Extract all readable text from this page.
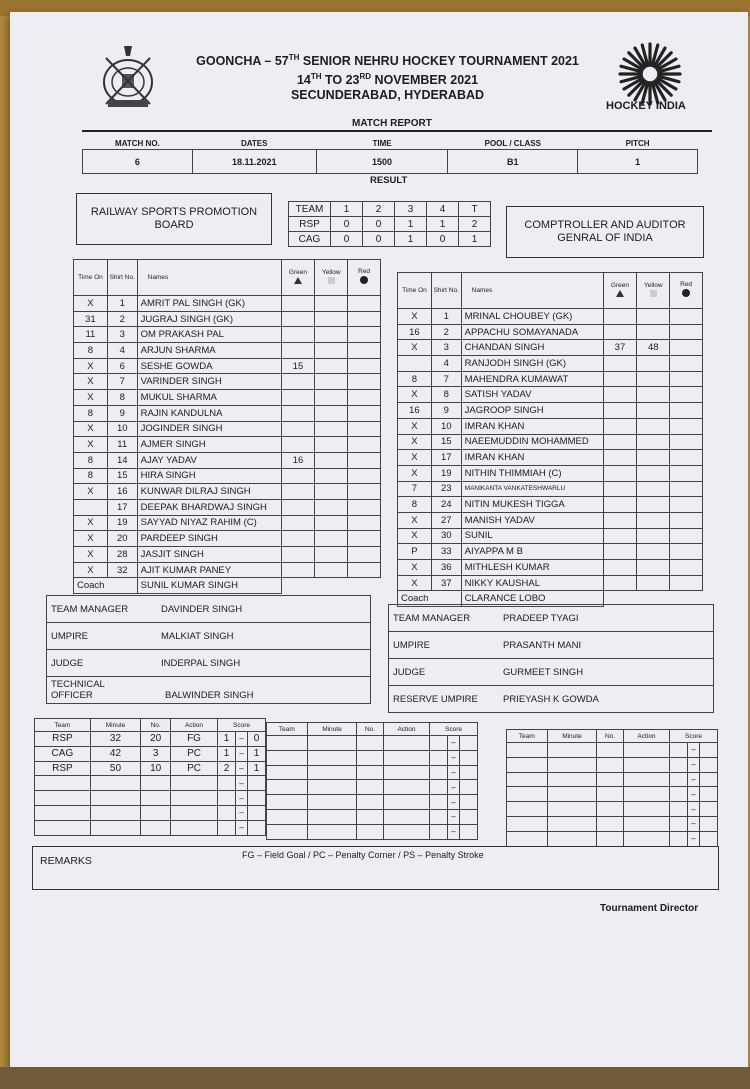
GOONCHA – 57TH SENIOR NEHRU HOCKEY TOURNAMENT 2021
14TH TO 23RD NOVEMBER 2021
SECUNDERABAD, HYDERABAD
HOCKEY INDIA
MATCH REPORT
MATCH NO.	DATES	TIME	POOL / CLASS	PITCH
6	18.11.2021	1500	B1	1
RESULT
RAILWAY SPORTS PROMOTION BOARD	COMPTROLLER AND AUDITOR GENRAL OF INDIA
TEAM	1	2	3	4	T
RSP	0	0	1	1	2
CAG	0	0	1	0	1
Time On	Shirt No.	Names	Green	Yellow	Red

X	1	AMRIT PAL SINGH (GK)			
31	2	JUGRAJ SINGH (GK)			
11	3	OM PRAKASH PAL			
8	4	ARJUN SHARMA			
X	6	SESHE GOWDA	15		
X	7	VARINDER SINGH			
X	8	MUKUL SHARMA			
8	9	RAJIN KANDULNA			
X	10	JOGINDER SINGH			
X	11	AJMER SINGH			
8	14	AJAY YADAV	16		
8	15	HIRA SINGH			
X	16	KUNWAR DILRAJ SINGH			
	17	DEEPAK BHARDWAJ SINGH			
X	19	SAYYAD NIYAZ RAHIM (C)			
X	20	PARDEEP SINGH			
X	28	JASJIT SINGH			
X	32	AJIT KUMAR PANEY			
Coach		SUNIL KUMAR SINGH			
Time On	Shirt No.	Names	Green	Yellow	Red

X	1	MRINAL CHOUBEY (GK)			
16	2	APPACHU SOMAYANADA			
X	3	CHANDAN SINGH	37	48	
	4	RANJODH SINGH (GK)			
8	7	MAHENDRA KUMAWAT			
X	8	SATISH YADAV			
16	9	JAGROOP SINGH			
X	10	IMRAN KHAN			
X	15	NAEEMUDDIN MOHAMMED			
X	17	IMRAN KHAN			
X	19	NITHIN THIMMIAH (C)			
7	23	MANIKANTA VANKATESHWARLU			
8	24	NITIN MUKESH TIGGA			
X	27	MANISH YADAV			
X	30	SUNIL			
P	33	AIYAPPA M B			
X	36	MITHLESH KUMAR			
X	37	NIKKY KAUSHAL			
Coach		CLARANCE LOBO			
TEAM MANAGER	DAVINDER SINGH
UMPIRE	MALKIAT SINGH
JUDGE	INDERPAL SINGH
TECHNICAL OFFICER	BALWINDER SINGH
TEAM MANAGER	PRADEEP TYAGI
UMPIRE	PRASANTH MANI
JUDGE	GURMEET SINGH
RESERVE UMPIRE	PRIEYASH K GOWDA
Team	Minute	No.	Action	Score		
RSP	32	20	FG	1	–	0
CAG	42	3	PC	1	–	1
RSP	50	10	PC	2	–	1
					–	
					–	
					–	
					–	
Team	Minute	No.	Action	Score		
					–	
					–	
					–	
					–	
					–	
					–	
					–	
Team	Minute	No.	Action	Score		
					–	
					–	
					–	
					–	
					–	
					–	
					–	
REMARKS	FG – Field Goal / PC – Penalty Corner / PS – Penalty Stroke
Tournament Director
